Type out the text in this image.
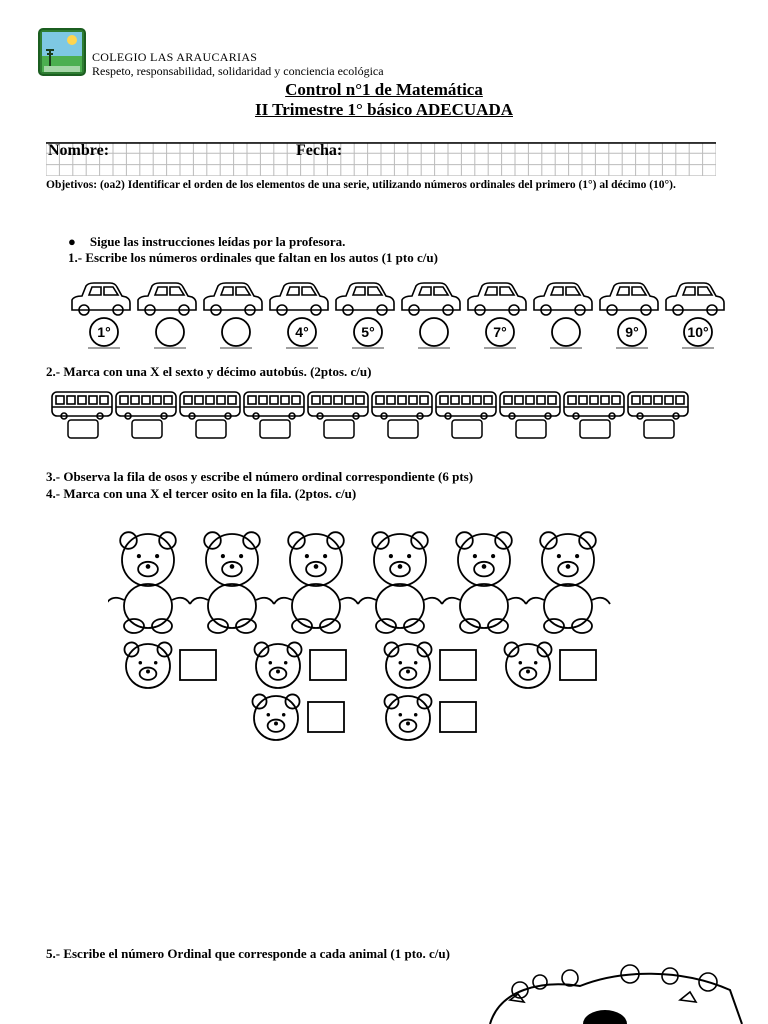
COLEGIO LAS ARAUCARIAS
Respeto, responsabilidad, solidaridad y conciencia ecológica
Control n°1 de Matemática
II Trimestre 1° básico ADECUADA
Nombre:	Fecha:
Objetivos: (oa2) Identificar el orden de los elementos de una serie, utilizando números ordinales del primero (1°) al décimo (10°).
● Sigue las instrucciones leídas por la profesora.
1.- Escribe los números ordinales que faltan en los autos (1 pto c/u)
1°	4°	5°	7°	9°	10°
2.- Marca con una X el sexto y décimo autobús. (2ptos. c/u)
3.- Observa la fila de osos y escribe el número ordinal correspondiente (6 pts)
4.- Marca con una X el tercer osito en la fila. (2ptos. c/u)
5.- Escribe el número Ordinal que corresponde a cada animal (1 pto. c/u)
